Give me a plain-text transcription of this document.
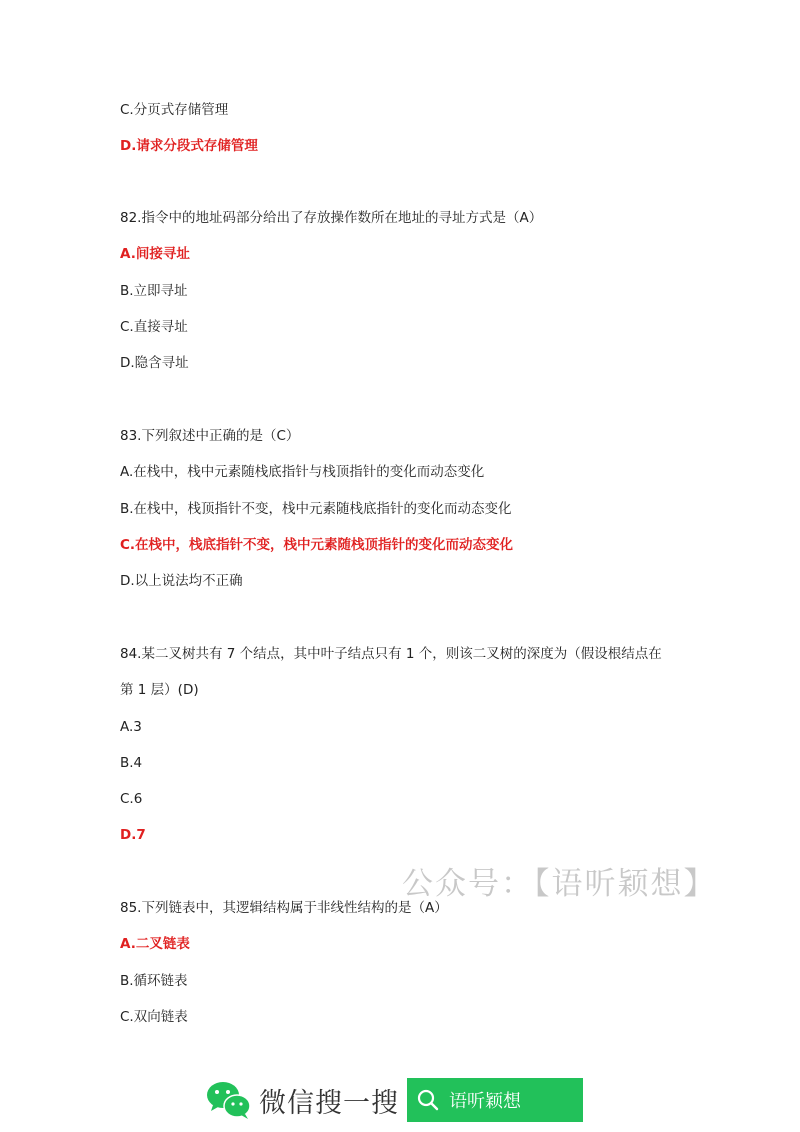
C.分页式存储管理
D.请求分段式存储管理
82.指令中的地址码部分给出了存放操作数所在地址的寻址方式是（A）
A.间接寻址
B.立即寻址
C.直接寻址
D.隐含寻址
83.下列叙述中正确的是（C）
A.在栈中，栈中元素随栈底指针与栈顶指针的变化而动态变化
B.在栈中，栈顶指针不变，栈中元素随栈底指针的变化而动态变化
C.在栈中，栈底指针不变，栈中元素随栈顶指针的变化而动态变化
D.以上说法均不正确
84.某二叉树共有 7 个结点，其中叶子结点只有 1 个，则该二叉树的深度为（假设根结点在
第 1 层）(D)
A.3
B.4
C.6
D.7
85.下列链表中，其逻辑结构属于非线性结构的是（A）
A.二叉链表
B.循环链表
C.双向链表
公众号：【语听颖想】
微信搜一搜	语听颖想
